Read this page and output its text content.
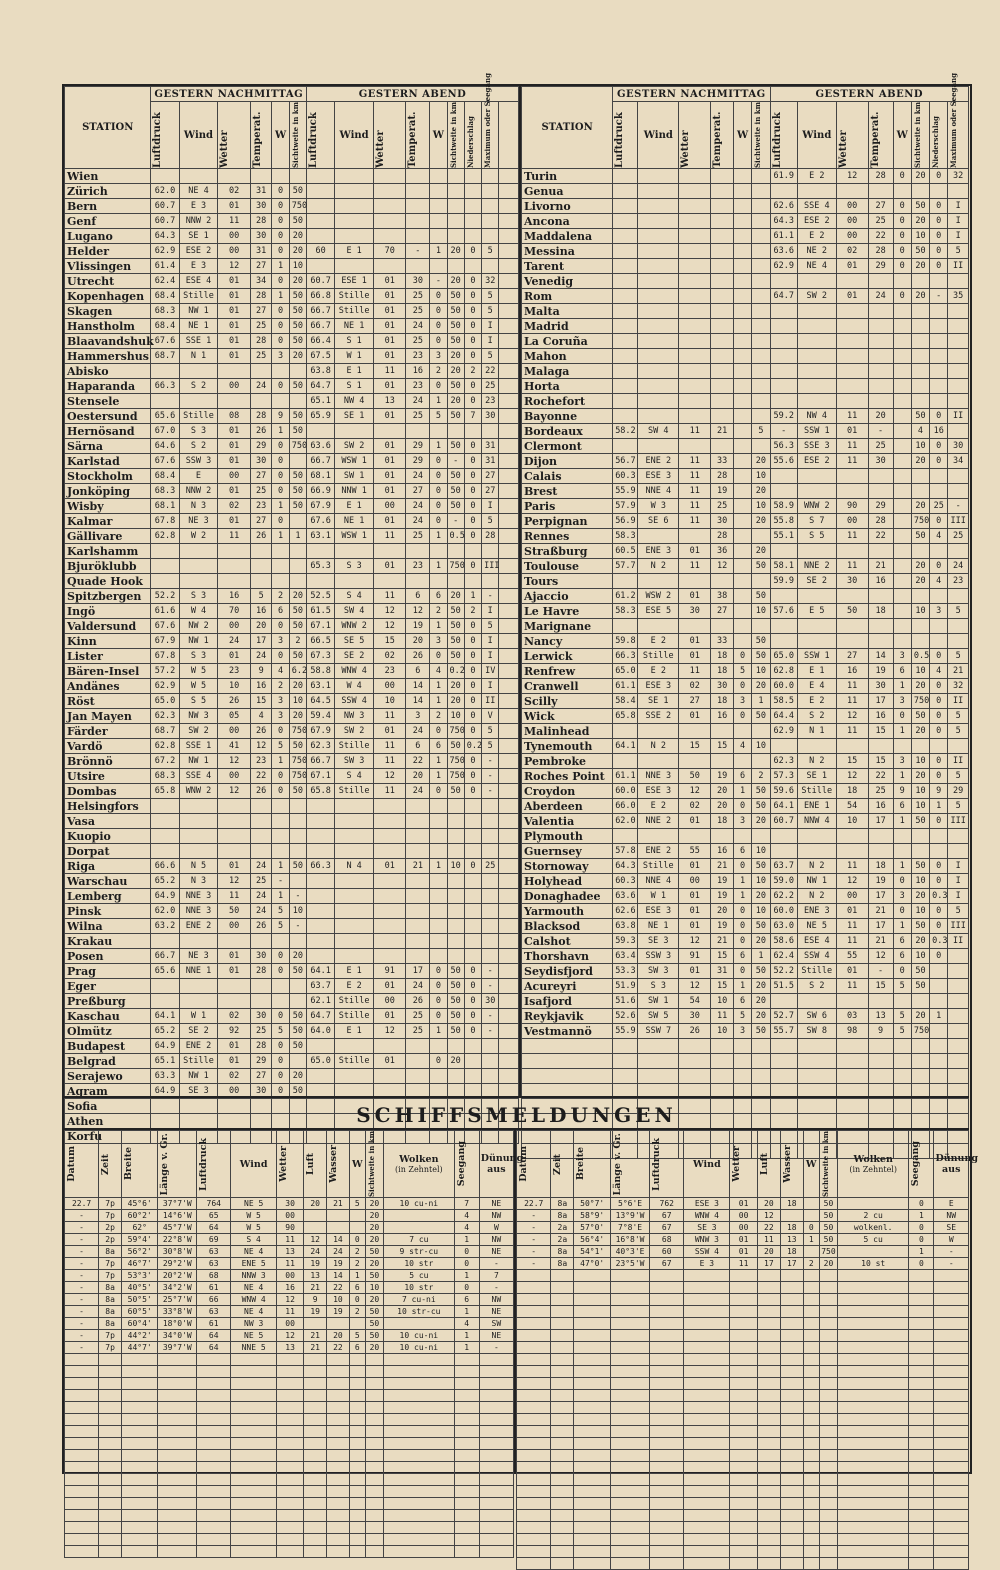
STATION	GESTERN NACHMITTAG						GESTERN ABEND								

	Luftdruck	Wind	Wetter	Temperat.	W	Sichtweite in km	Luftdruck	Wind	Wetter	Temperat.	W	Sichtweite in km	Niederschlag	Maximum oder Seegang	

Wien															
Zürich	62.0	NE 4	02	31	0	50									
Bern	60.7	E 3	01	30	0	750									
Genf	60.7	NNW 2	11	28	0	50									
Lugano	64.3	SE 1	00	30	0	20									
Helder	62.9	ESE 2	00	31	0	20	60	E 1	70	-	1	20	0	5	
Vlissingen	61.4	E 3	12	27	1	10									
Utrecht	62.4	ESE 4	01	34	0	20	60.7	ESE 1	01	30	-	20	0	32	
Kopenhagen	68.4	Stille	01	28	1	50	66.8	Stille	01	25	0	50	0	5	
Skagen	68.3	NW 1	01	27	0	50	66.7	Stille	01	25	0	50	0	5	
Hanstholm	68.4	NE 1	01	25	0	50	66.7	NE 1	01	24	0	50	0	I	
Blaavandshuk	67.6	SSE 1	01	28	0	50	66.4	S 1	01	25	0	50	0	I	
Hammershus	68.7	N 1	01	25	3	20	67.5	W 1	01	23	3	20	0	5	
Abisko							63.8	E 1	11	16	2	20	2	22	
Haparanda	66.3	S 2	00	24	0	50	64.7	S 1	01	23	0	50	0	25	
Stensele							65.1	NW 4	13	24	1	20	0	23	
Oestersund	65.6	Stille	08	28	9	50	65.9	SE 1	01	25	5	50	7	30	
Hernösand	67.0	S 3	01	26	1	50									
Särna	64.6	S 2	01	29	0	750	63.6	SW 2	01	29	1	50	0	31	
Karlstad	67.6	SSW 3	01	30	0		66.7	WSW 1	01	29	0	-	0	31	
Stockholm	68.4	E	00	27	0	50	68.1	SW 1	01	24	0	50	0	27	
Jonköping	68.3	NNW 2	01	25	0	50	66.9	NNW 1	01	27	0	50	0	27	
Wisby	68.1	N 3	02	23	1	50	67.9	E 1	00	24	0	50	0	I	
Kalmar	67.8	NE 3	01	27	0		67.6	NE 1	01	24	0	-	0	5	
Gällivare	62.8	W 2	11	26	1	1	63.1	WSW 1	11	25	1	0.5	0	28	
Karlshamm															
Bjuröklubb							65.3	S 3	01	23	1	750	0	III	
Quade Hook															
Spitzbergen	52.2	S 3	16	5	2	20	52.5	S 4	11	6	6	20	1	-	
Ingö	61.6	W 4	70	16	6	50	61.5	SW 4	12	12	2	50	2	I	
Valdersund	67.6	NW 2	00	20	0	50	67.1	WNW 2	12	19	1	50	0	5	
Kinn	67.9	NW 1	24	17	3	2	66.5	SE 5	15	20	3	50	0	I	
Lister	67.8	S 3	01	24	0	50	67.3	SE 2	02	26	0	50	0	I	
Bären-Insel	57.2	W 5	23	9	4	6.2	58.8	WNW 4	23	6	4	0.2	0	IV	
Andänes	62.9	W 5	10	16	2	20	63.1	W 4	00	14	1	20	0	I	
Röst	65.0	S 5	26	15	3	10	64.5	SSW 4	10	14	1	20	0	II	
Jan Mayen	62.3	NW 3	05	4	3	20	59.4	NW 3	11	3	2	10	0	V	
Färder	68.7	SW 2	00	26	0	750	67.9	SW 2	01	24	0	750	0	5	
Vardö	62.8	SSE 1	41	12	5	50	62.3	Stille	11	6	6	50	0.2	5	
Brönnö	67.2	NW 1	12	23	1	750	66.7	SW 3	11	22	1	750	0	-	
Utsire	68.3	SSE 4	00	22	0	750	67.1	S 4	12	20	1	750	0	-	
Dombas	65.8	WNW 2	12	26	0	50	65.8	Stille	11	24	0	50	0	-	
Helsingfors															
Vasa															
Kuopio															
Dorpat															
Riga	66.6	N 5	01	24	1	50	66.3	N 4	01	21	1	10	0	25	
Warschau	65.2	N 3	12	25	-										
Lemberg	64.9	NNE 3	11	24	1	-									
Pinsk	62.0	NNE 3	50	24	5	10									
Wilna	63.2	ENE 2	00	26	5	-									
Krakau															
Posen	66.7	NE 3	01	30	0	20									
Prag	65.6	NNE 1	01	28	0	50	64.1	E 1	91	17	0	50	0	-	
Eger							63.7	E 2	01	24	0	50	0	-	
Preßburg							62.1	Stille	00	26	0	50	0	30	
Kaschau	64.1	W 1	02	30	0	50	64.7	Stille	01	25	0	50	0	-	
Olmütz	65.2	SE 2	92	25	5	50	64.0	E 1	12	25	1	50	0	-	
Budapest	64.9	ENE 2	01	28	0	50									
Belgrad	65.1	Stille	01	29	0		65.0	Stille	01		0	20			
Serajewo	63.3	NW 1	02	27	0	20									
Agram	64.9	SE 3	00	30	0	50									
Sofia															
Athen															
Korfu															
STATION	GESTERN NACHMITTAG						GESTERN ABEND							

	Luftdruck	Wind	Wetter	Temperat.	W	Sichtweite in km	Luftdruck	Wind	Wetter	Temperat.	W	Sichtweite in km	Niederschlag	Maximum oder Seegang

Turin							61.9	E 2	12	28	0	20	0	32
Genua														
Livorno							62.6	SSE 4	00	27	0	50	0	I
Ancona							64.3	ESE 2	00	25	0	20	0	I
Maddalena							61.1	E 2	00	22	0	10	0	I
Messina							63.6	NE 2	02	28	0	50	0	5
Tarent							62.9	NE 4	01	29	0	20	0	II
Venedig														
Rom							64.7	SW 2	01	24	0	20	-	35
Malta														
Madrid														
La Coruña														
Mahon														
Malaga														
Horta														
Rochefort														
Bayonne							59.2	NW 4	11	20		50	0	II
Bordeaux	58.2	SW 4	11	21		5	-	SSW 1	01	-		4	16	
Clermont							56.3	SSE 3	11	25		10	0	30
Dijon	56.7	ENE 2	11	33		20	55.6	ESE 2	11	30		20	0	34
Calais	60.3	ESE 3	11	28		10								
Brest	55.9	NNE 4	11	19		20								
Paris	57.9	W 3	11	25		10	58.9	WNW 2	90	29		20	25	-
Perpignan	56.9	SE 6	11	30		20	55.8	S 7	00	28		750	0	III
Rennes	58.3			28			55.1	S 5	11	22		50	4	25
Straßburg	60.5	ENE 3	01	36		20								
Toulouse	57.7	N 2	11	12		50	58.1	NNE 2	11	21		20	0	24
Tours							59.9	SE 2	30	16		20	4	23
Ajaccio	61.2	WSW 2	01	38		50								
Le Havre	58.3	ESE 5	30	27		10	57.6	E 5	50	18		10	3	5
Marignane														
Nancy	59.8	E 2	01	33		50								
Lerwick	66.3	Stille	01	18	0	50	65.0	SSW 1	27	14	3	0.5	0	5
Renfrew	65.0	E 2	11	18	5	10	62.8	E 1	16	19	6	10	4	21
Cranwell	61.1	ESE 3	02	30	0	20	60.0	E 4	11	30	1	20	0	32
Scilly	58.4	SE 1	27	18	3	1	58.5	E 2	11	17	3	750	0	II
Wick	65.8	SSE 2	01	16	0	50	64.4	S 2	12	16	0	50	0	5
Malinhead							62.9	N 1	11	15	1	20	0	5
Tynemouth	64.1	N 2	15	15	4	10								
Pembroke							62.3	N 2	15	15	3	10	0	II
Roches Point	61.1	NNE 3	50	19	6	2	57.3	SE 1	12	22	1	20	0	5
Croydon	60.0	ESE 3	12	20	1	50	59.6	Stille	18	25	9	10	9	29
Aberdeen	66.0	E 2	02	20	0	50	64.1	ENE 1	54	16	6	10	1	5
Valentia	62.0	NNE 2	01	18	3	20	60.7	NNW 4	10	17	1	50	0	III
Plymouth														
Guernsey	57.8	ENE 2	55	16	6	10								
Stornoway	64.3	Stille	01	21	0	50	63.7	N 2	11	18	1	50	0	I
Holyhead	60.3	NNE 4	00	19	1	10	59.0	NW 1	12	19	0	10	0	I
Donaghadee	63.6	W 1	01	19	1	20	62.2	N 2	00	17	3	20	0.3	I
Yarmouth	62.6	ESE 3	01	20	0	10	60.0	ENE 3	01	21	0	10	0	5
Blacksod	63.8	NE 1	01	19	0	50	63.0	NE 5	11	17	1	50	0	III
Calshot	59.3	SE 3	12	21	0	20	58.6	ESE 4	11	21	6	20	0.3	II
Thorshavn	63.4	SSW 3	91	15	6	1	62.4	SSW 4	55	12	6	10	0	
Seydisfjord	53.3	SW 3	01	31	0	50	52.2	Stille	01	-	0	50		
Acureyri	51.9	S 3	12	15	1	20	51.5	S 2	11	15	5	50		
Isafjord	51.6	SW 1	54	10	6	20								
Reykjavik	52.6	SW 5	30	11	5	20	52.7	SW 6	03	13	5	20	1	
Vestmannö	55.9	SSW 7	26	10	3	50	55.7	SW 8	98	9	5	750		

SCHIFFSMELDUNGEN
Datum	Zeit	Breite	Länge v. Gr.	Luftdruck	Wind	Wetter	Luft	Wasser	W	Sichtweite in km	Wolken
(in Zehntel)	Seegang	Dünung aus
22.7	7p	45°6'	37°7'W	764	NE 5	30	20	21	5	20	10 cu-ni	7	NE
-	7p	60°2'	14°6'W	65	W 5	00				20		4	NW
-	2p	62°	45°7'W	64	W 5	90				20		4	W
-	2p	59°4'	22°8'W	69	S 4	11	12	14	0	20	7 cu	1	NW
-	8a	56°2'	30°8'W	63	NE 4	13	24	24	2	50	9 str-cu	0	NE
-	7p	46°7'	29°2'W	63	ENE 5	11	19	19	2	20	10 str	0	-
-	7p	53°3'	20°2'W	68	NNW 3	00	13	14	1	50	5 cu	1	7
-	8a	40°5'	34°2'W	61	NE 4	16	21	22	6	10	10 str	0	-
-	8a	50°5'	25°7'W	66	WNW 4	12	9	10	0	20	7 cu-ni	6	NW
-	8a	60°5'	33°8'W	63	NE 4	11	19	19	2	50	10 str-cu	1	NE
-	8a	60°4'	18°0'W	61	NW 3	00				50		4	SW
-	7p	44°2'	34°0'W	64	NE 5	12	21	20	5	50	10 cu-ni	1	NE
-	7p	44°7'	39°7'W	64	NNE 5	13	21	22	6	20	10 cu-ni	1	-

Datum	Zeit	Breite	Länge v. Gr.	Luftdruck	Wind	Wetter	Luft	Wasser	W	Sichtweite in km	Wolken
(in Zehntel)	Seegang	Dünung aus
22.7	8a	50°7'	5°6'E	762	ESE 3	01	20	18		50		0	E
-	8a	58°9'	13°9'W	67	WNW 4	00	12			50	2 cu	1	NW
-	2a	57°0'	7°8'E	67	SE 3	00	22	18	0	50	wolkenl.	0	SE
-	2a	56°4'	16°8'W	68	WNW 3	01	11	13	1	50	5 cu	0	W
-	8a	54°1'	40°3'E	60	SSW 4	01	20	18		750		1	-
-	8a	47°0'	23°5'W	67	E 3	11	17	17	2	20	10 st	0	-
